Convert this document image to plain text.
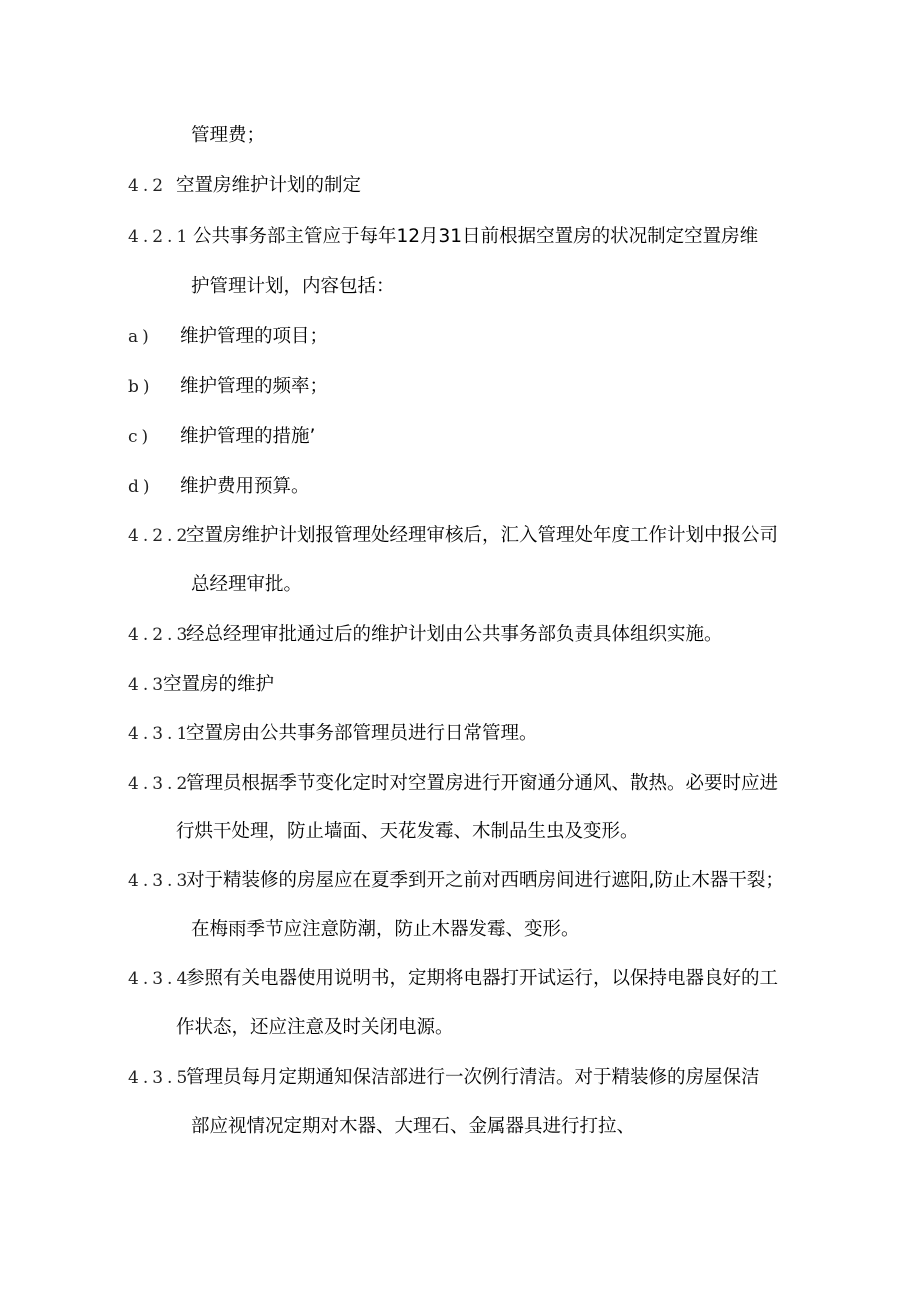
管理费；
4.2 空置房维护计划的制定
4.2.1 公共事务部主管应于每年12月31日前根据空置房的状况制定空置房维
护管理计划，内容包括：
a) 维护管理的项目；
b) 维护管理的频率；
c) 维护管理的措施’
d) 维护费用预算。
4.2.2
空置房维护计划报管理处经理审核后，汇入管理处年度工作计划中报公司
总经理审批。
4.2.3
经总经理审批通过后的维护计划由公共事务部负责具体组织实施。
4.3
空置房的维护
4.3.1
空置房由公共事务部管理员进行日常管理。
4.3.2
管理员根据季节变化定时对空置房进行开窗通分通风、散热。必要时应进
行烘干处理，防止墙面、天花发霉、木制品生虫及变形。
4.3.3
对于精装修的房屋应在夏季到开之前对西晒房间进行遮阳,防止木器干裂；
在梅雨季节应注意防潮，防止木器发霉、变形。
4.3.4
参照有关电器使用说明书，定期将电器打开试运行，以保持电器良好的工
作状态，还应注意及时关闭电源。
4.3.5
管理员每月定期通知保洁部进行一次例行清洁。对于精装修的房屋保洁
部应视情况定期对木器、大理石、金属器具进行打拉、
